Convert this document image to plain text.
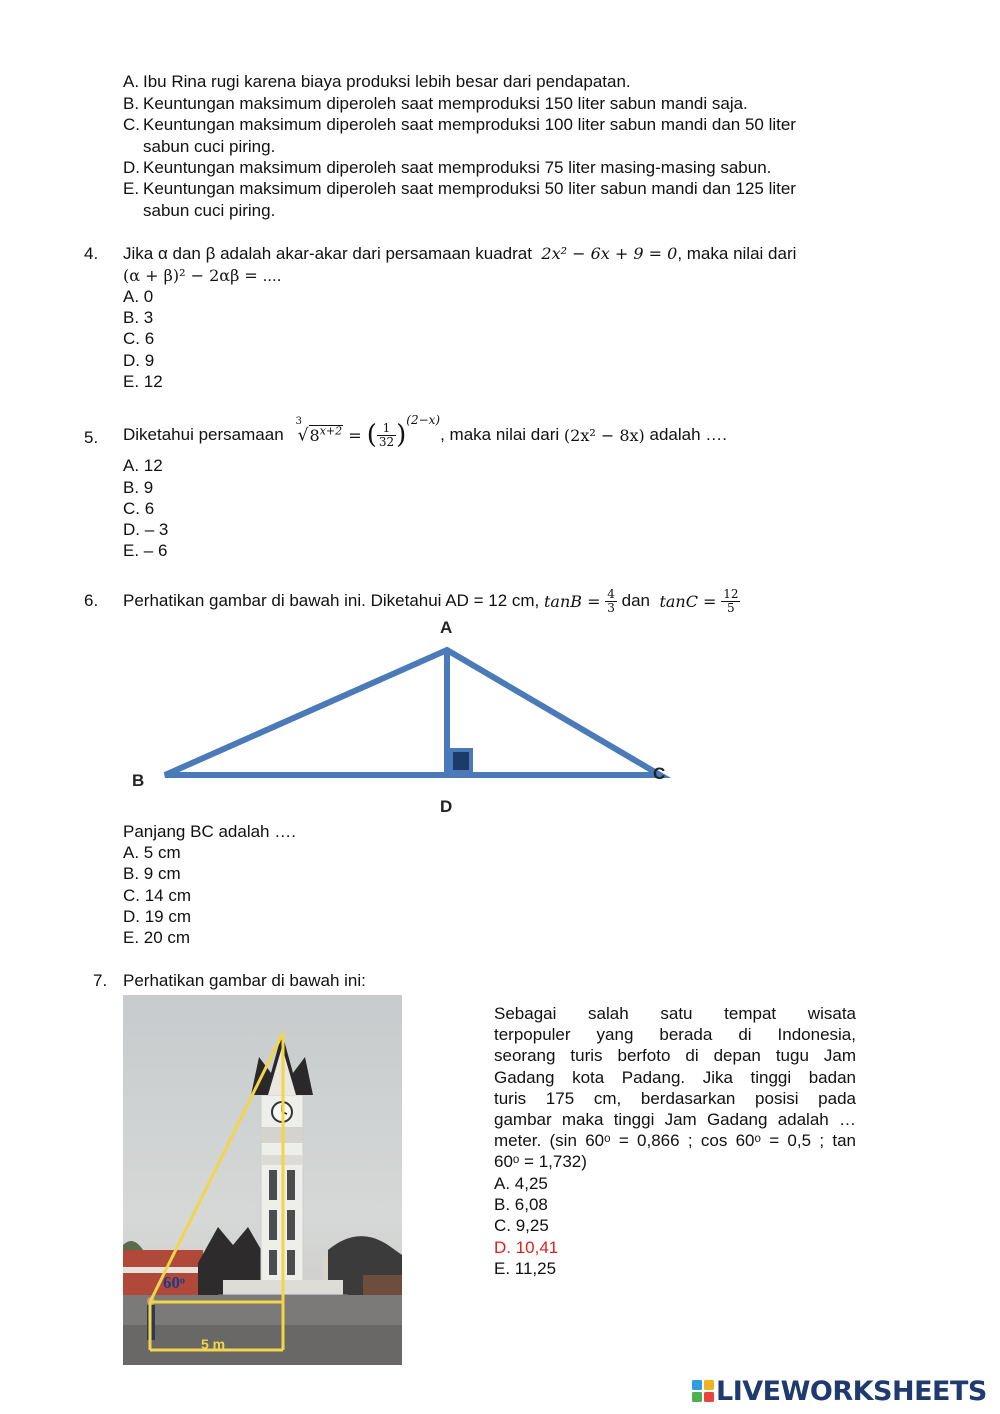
A. Ibu Rina rugi karena biaya produksi lebih besar dari pendapatan.
B. Keuntungan maksimum diperoleh saat memproduksi 150 liter sabun mandi saja.
C. Keuntungan maksimum diperoleh saat memproduksi 100 liter sabun mandi dan 50 liter
sabun cuci piring.
D. Keuntungan maksimum diperoleh saat memproduksi 75 liter masing-masing sabun.
E. Keuntungan maksimum diperoleh saat memproduksi 50 liter sabun mandi dan 125 liter
sabun cuci piring.
4. Jika α dan β adalah akar-akar dari persamaan kuadrat 2x² − 6x + 9 = 0, maka nilai dari
(α + β)² − 2αβ = ....
A. 0
B. 3
C. 6
D. 9
E. 12
5. Diketahui persamaan
3
$√8^{x+2}$ = ( $\frac{1}{32}$ ) (2−x)
, maka nilai dari
(2x² − 8x) adalah ….
A. 12
B. 9
C. 6
D. – 3
E. – 6
6. Perhatikan gambar di bawah ini. Diketahui AD = 12 cm,
tanB =
$\frac{4}{3}$ dan
tanC =
$\frac{12}{5}$
A
B	C
D
Panjang BC adalah ….
A. 5 cm
B. 9 cm
C. 14 cm
D. 19 cm
E. 20 cm
7. Perhatikan gambar di bawah ini:
60ᵒ
5 m
Sebagai salah satu tempat wisata
terpopuler yang berada di Indonesia,
seorang turis berfoto di depan tugu Jam
Gadang kota Padang. Jika tinggi badan
turis 175 cm, berdasarkan posisi pada
gambar maka tinggi Jam Gadang adalah …
meter. (sin 60ᵒ = 0,866 ; cos 60ᵒ = 0,5 ; tan
60ᵒ = 1,732)
A. 4,25
B. 6,08
C. 9,25
D. 10,41
E. 11,25
LIVEWORKSHEETS
